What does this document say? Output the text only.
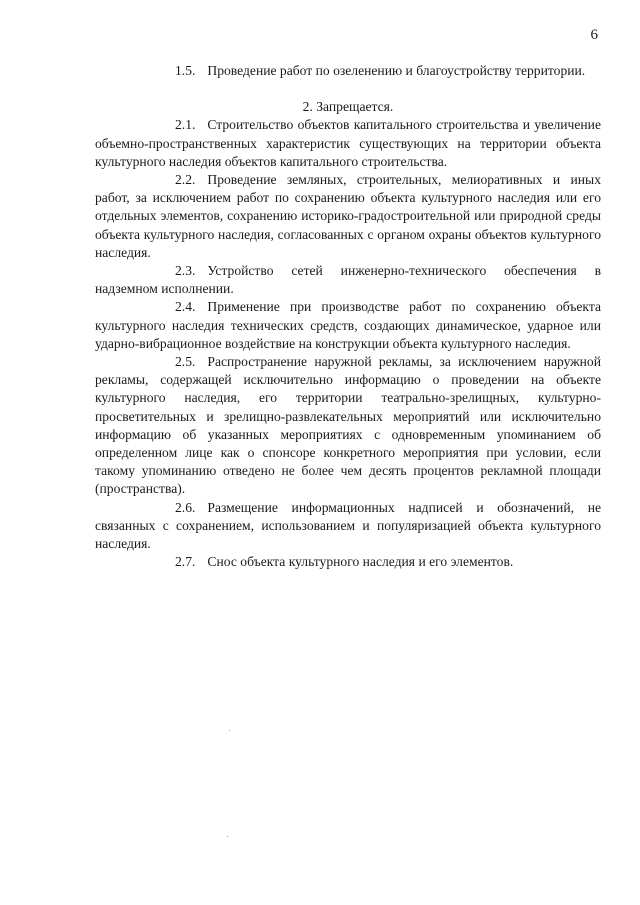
6

1.5. Проведение работ по озеленению и благоустройству территории.

2. Запрещается.

2.1. Строительство объектов капитального строительства и увеличение объемно-пространственных характеристик существующих на территории объекта культурного наследия объектов капитального строительства.

2.2. Проведение земляных, строительных, мелиоративных и иных работ, за исключением работ по сохранению объекта культурного наследия или его отдельных элементов, сохранению историко-градостроительной или природной среды объекта культурного наследия, согласованных с органом охраны объектов культурного наследия.

2.3. Устройство сетей инженерно-технического обеспечения в надземном исполнении.

2.4. Применение при производстве работ по сохранению объекта культурного наследия технических средств, создающих динамическое, ударное или ударно-вибрационное воздействие на конструкции объекта культурного наследия.

2.5. Распространение наружной рекламы, за исключением наружной рекламы, содержащей исключительно информацию о проведении на объекте культурного наследия, его территории театрально-зрелищных, культурно-просветительных и зрелищно-развлекательных мероприятий или исключительно информацию об указанных мероприятиях с одновременным упоминанием об определенном лице как о спонсоре конкретного мероприятия при условии, если такому упоминанию отведено не более чем десять процентов рекламной площади (пространства).

2.6. Размещение информационных надписей и обозначений, не связанных с сохранением, использованием и популяризацией объекта культурного наследия.

2.7. Снос объекта культурного наследия и его элементов.
